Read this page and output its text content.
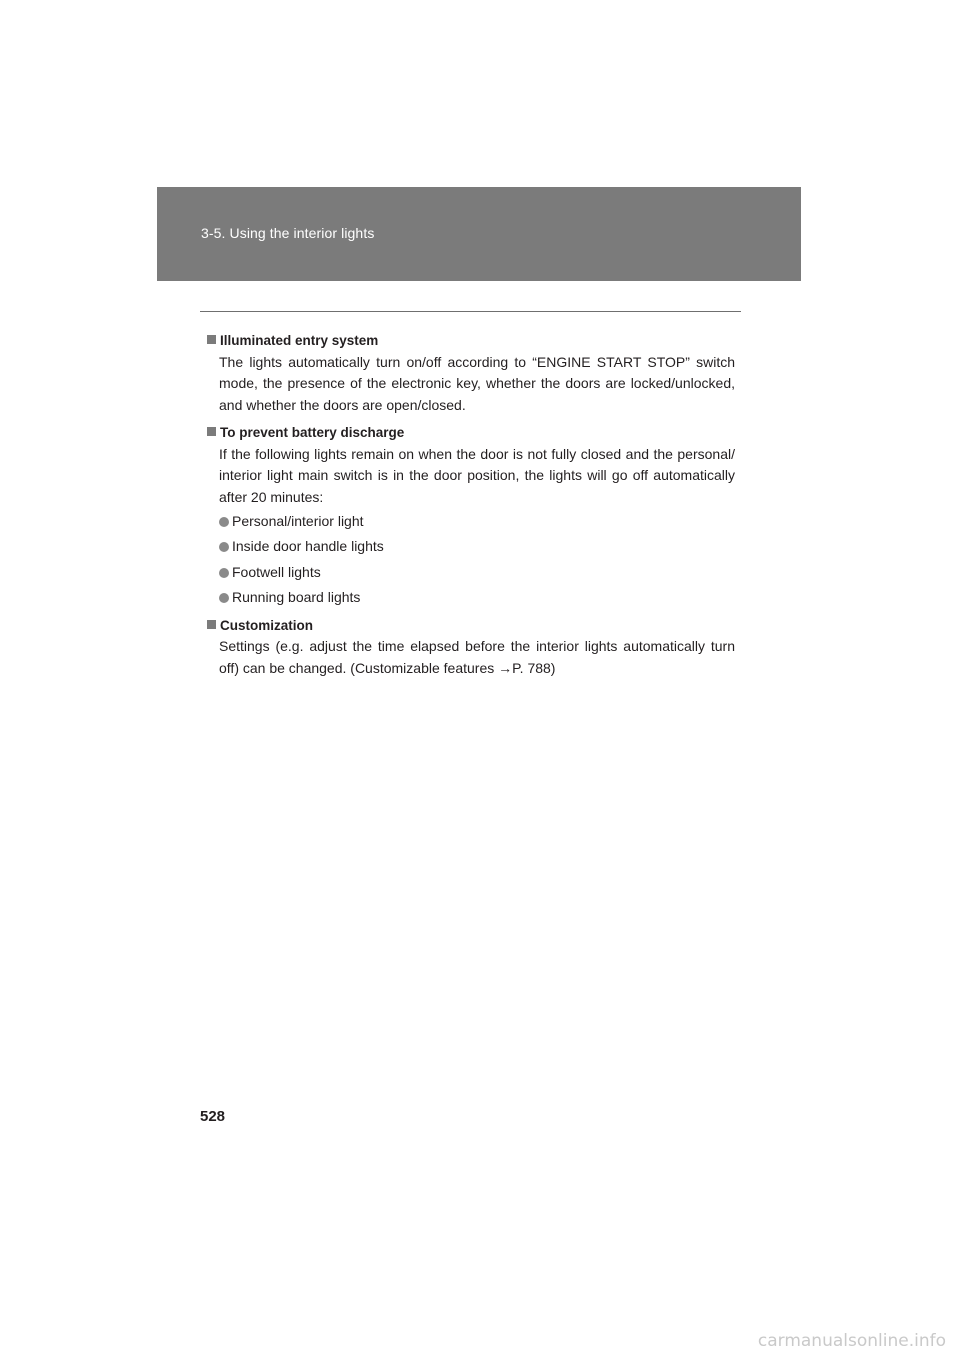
3-5. Using the interior lights
Illuminated entry system
The lights automatically turn on/off according to “ENGINE START STOP” switch mode, the presence of the electronic key, whether the doors are locked/unlocked, and whether the doors are open/closed.
To prevent battery discharge
If the following lights remain on when the door is not fully closed and the personal/ interior light main switch is in the door position, the lights will go off automatically after 20 minutes:
Personal/interior light
Inside door handle lights
Footwell lights
Running board lights
Customization
Settings (e.g. adjust the time elapsed before the interior lights automatically turn off) can be changed. (Customizable features →P. 788)
528
carmanualsonline.info
